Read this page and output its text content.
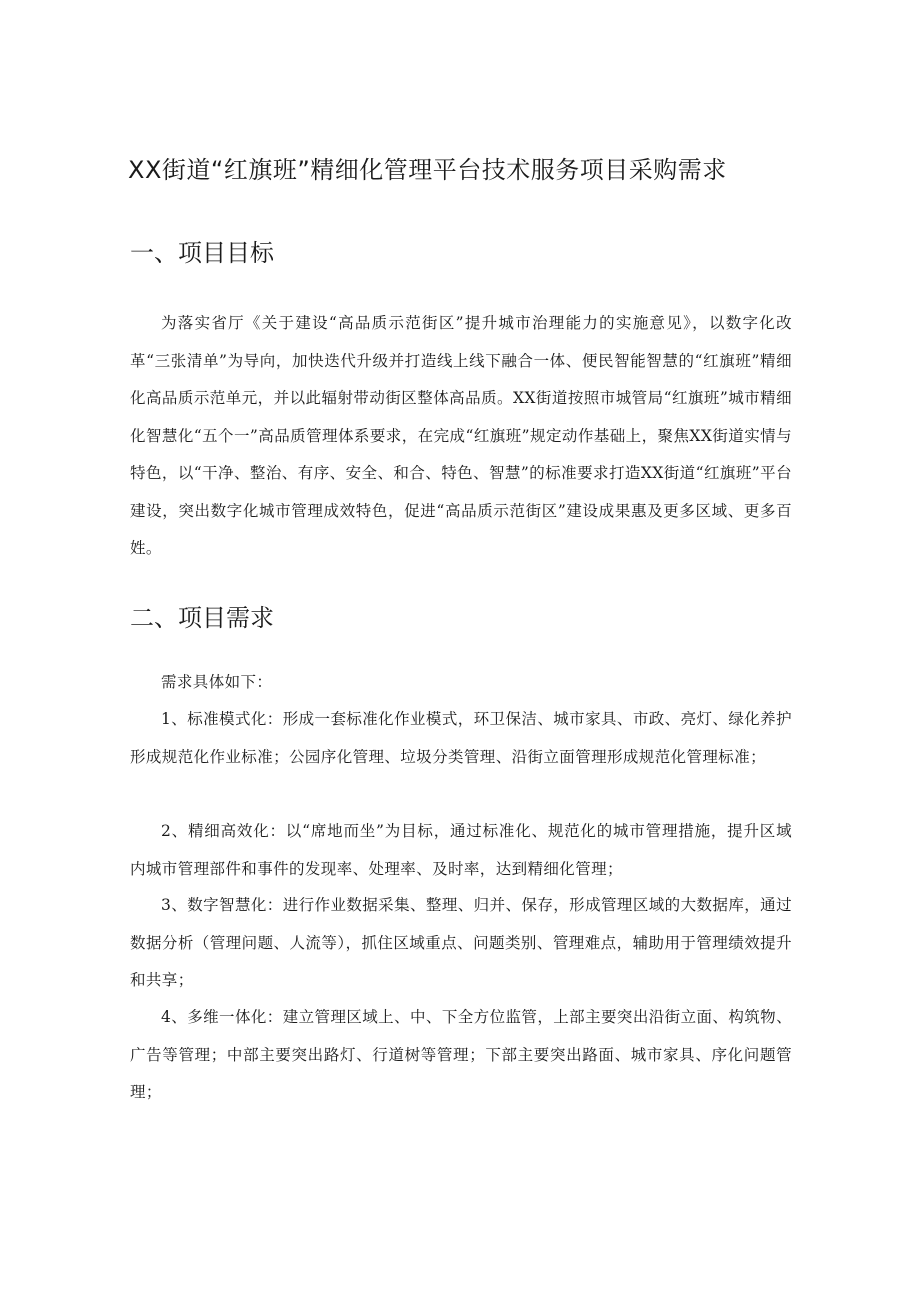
XX街道“红旗班”精细化管理平台技术服务项目采购需求
一、项目目标

为落实省厅《关于建设“高品质示范街区”提升城市治理能力的实施意见》，以数字化改革“三张清单”为导向，加快迭代升级并打造线上线下融合一体、便民智能智慧的“红旗班”精细化高品质示范单元，并以此辐射带动街区整体高品质。XX街道按照市城管局“红旗班”城市精细化智慧化“五个一”高品质管理体系要求，在完成“红旗班”规定动作基础上，聚焦XX街道实情与特色，以“干净、整治、有序、安全、和合、特色、智慧”的标准要求打造XX街道“红旗班”平台建设，突出数字化城市管理成效特色，促进“高品质示范街区”建设成果惠及更多区域、更多百姓。

二、项目需求

需求具体如下：

1、标准模式化：形成一套标准化作业模式，环卫保洁、城市家具、市政、亮灯、绿化养护形成规范化作业标准；公园序化管理、垃圾分类管理、沿街立面管理形成规范化管理标准；

2、精细高效化：以“席地而坐”为目标，通过标准化、规范化的城市管理措施，提升区域内城市管理部件和事件的发现率、处理率、及时率，达到精细化管理；

3、数字智慧化：进行作业数据采集、整理、归并、保存，形成管理区域的大数据库，通过数据分析（管理问题、人流等），抓住区域重点、问题类别、管理难点，辅助用于管理绩效提升和共享；

4、多维一体化：建立管理区域上、中、下全方位监管，上部主要突出沿街立面、构筑物、广告等管理；中部主要突出路灯、行道树等管理；下部主要突出路面、城市家具、序化问题管理；
